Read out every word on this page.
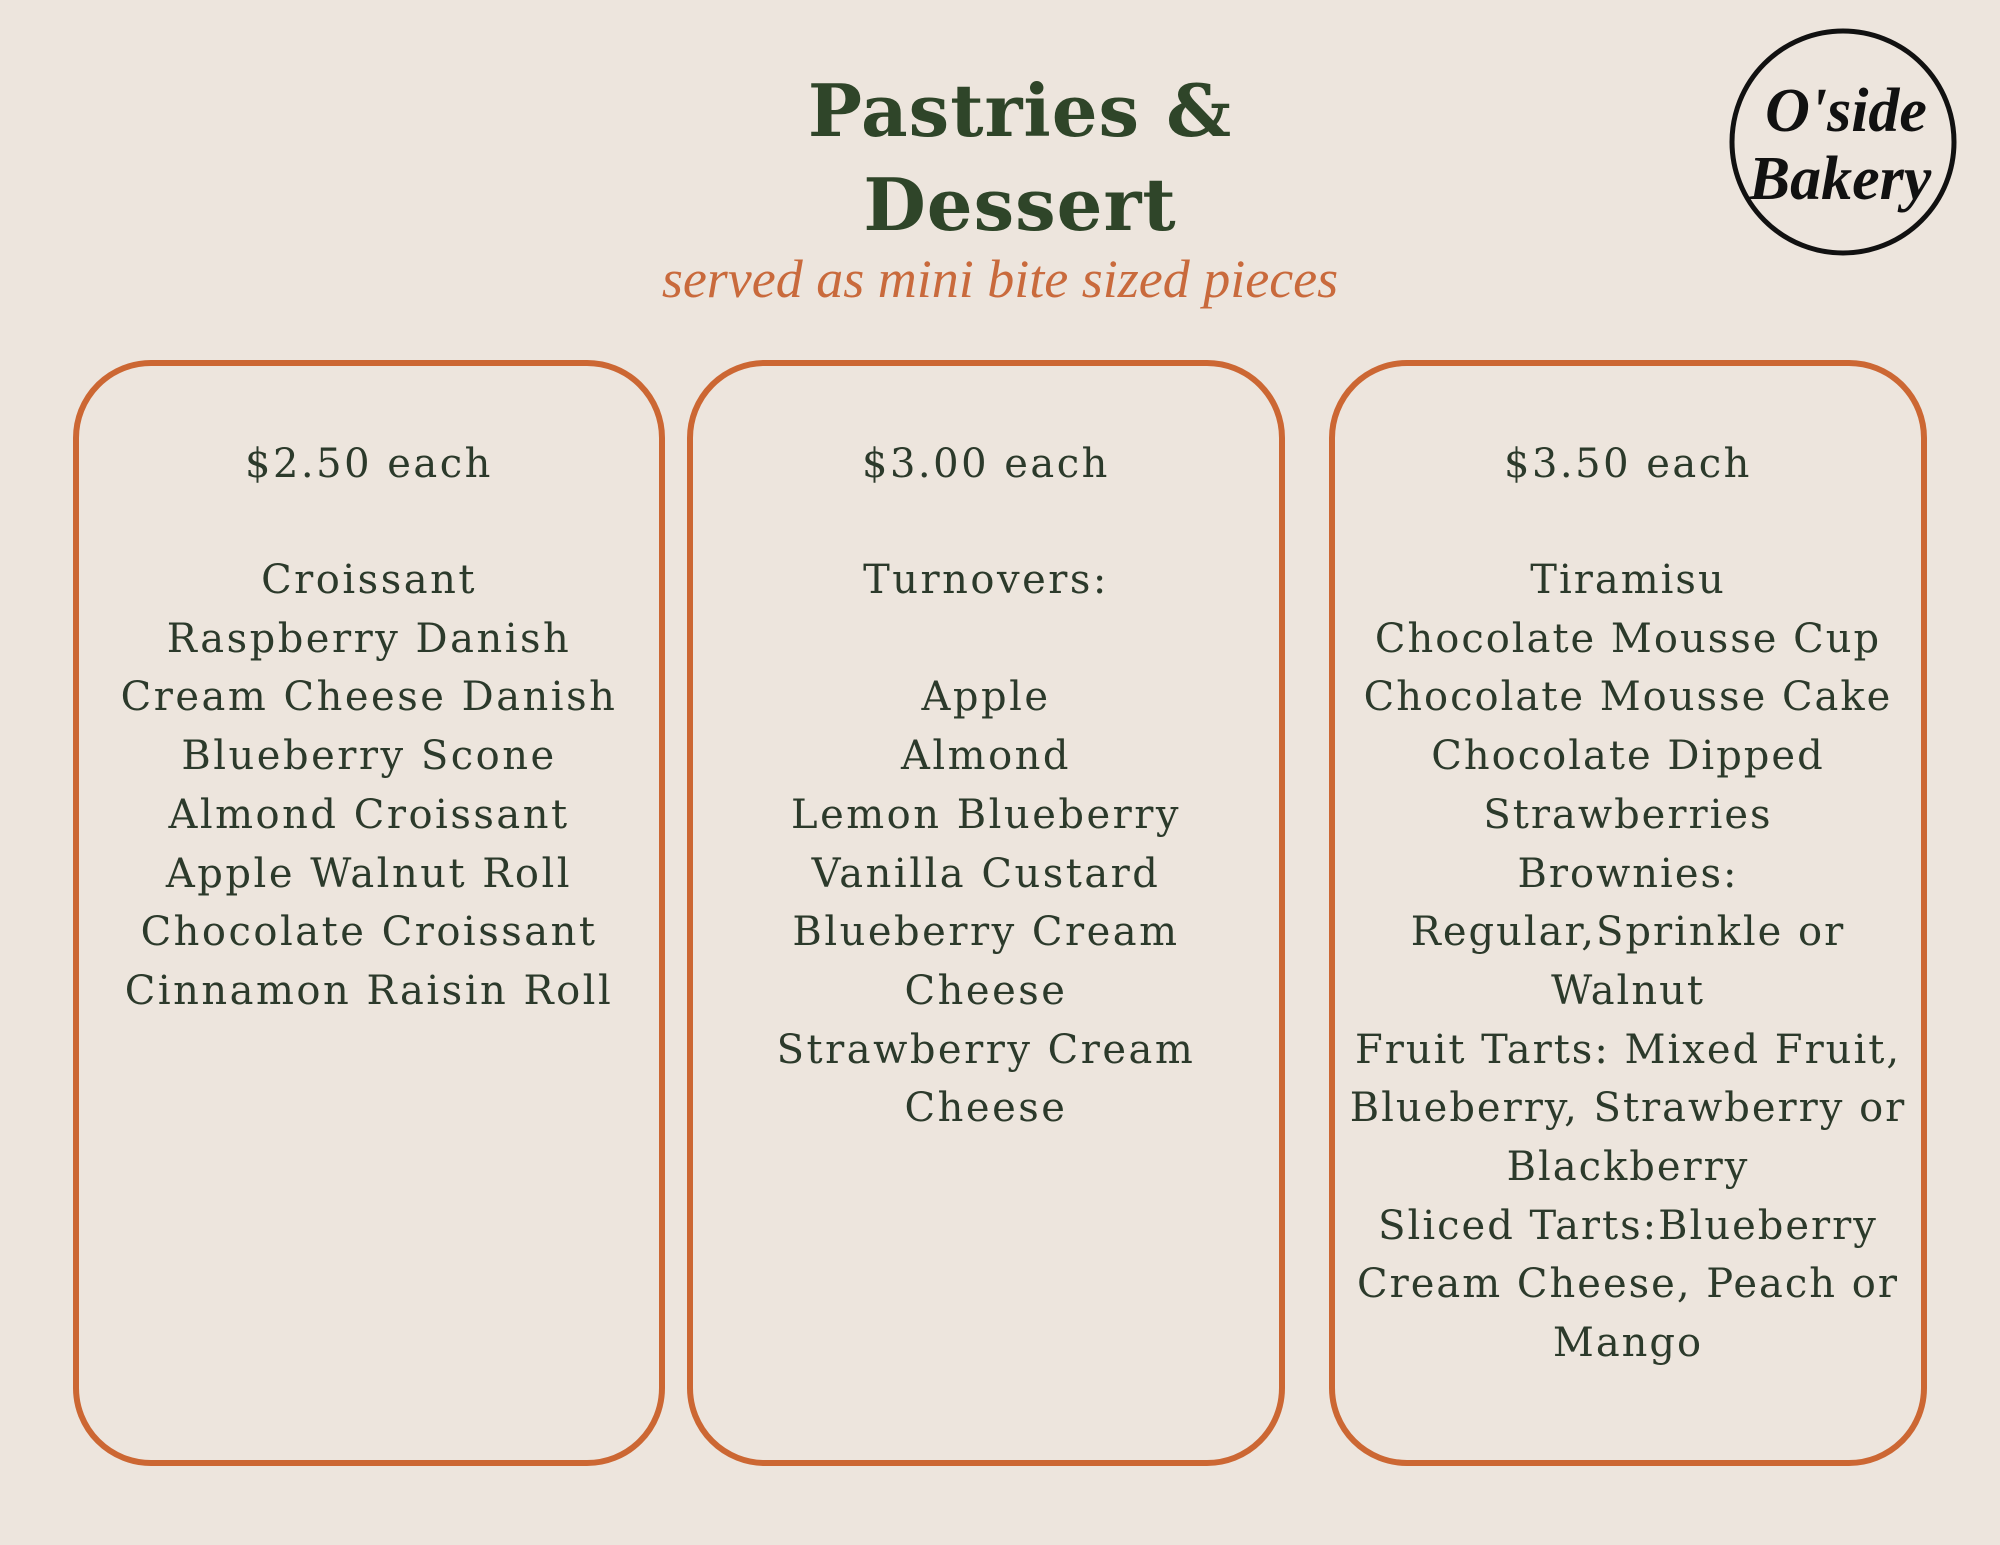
Pastries &
Dessert

served as mini bite sized pieces

O'side
Bakery
$2.50 each
Croissant
Raspberry Danish
Cream Cheese Danish
Blueberry Scone
Almond Croissant
Apple Walnut Roll
Chocolate Croissant
Cinnamon Raisin Roll
$3.00 each
Turnovers:
Apple
Almond
Lemon Blueberry
Vanilla Custard
Blueberry Cream
Cheese
Strawberry Cream
Cheese
$3.50 each
Tiramisu
Chocolate Mousse Cup
Chocolate Mousse Cake
Chocolate Dipped
Strawberries
Brownies:
Regular,Sprinkle or
Walnut
Fruit Tarts: Mixed Fruit,
Blueberry, Strawberry or
Blackberry
Sliced Tarts:Blueberry
Cream Cheese, Peach or
Mango
